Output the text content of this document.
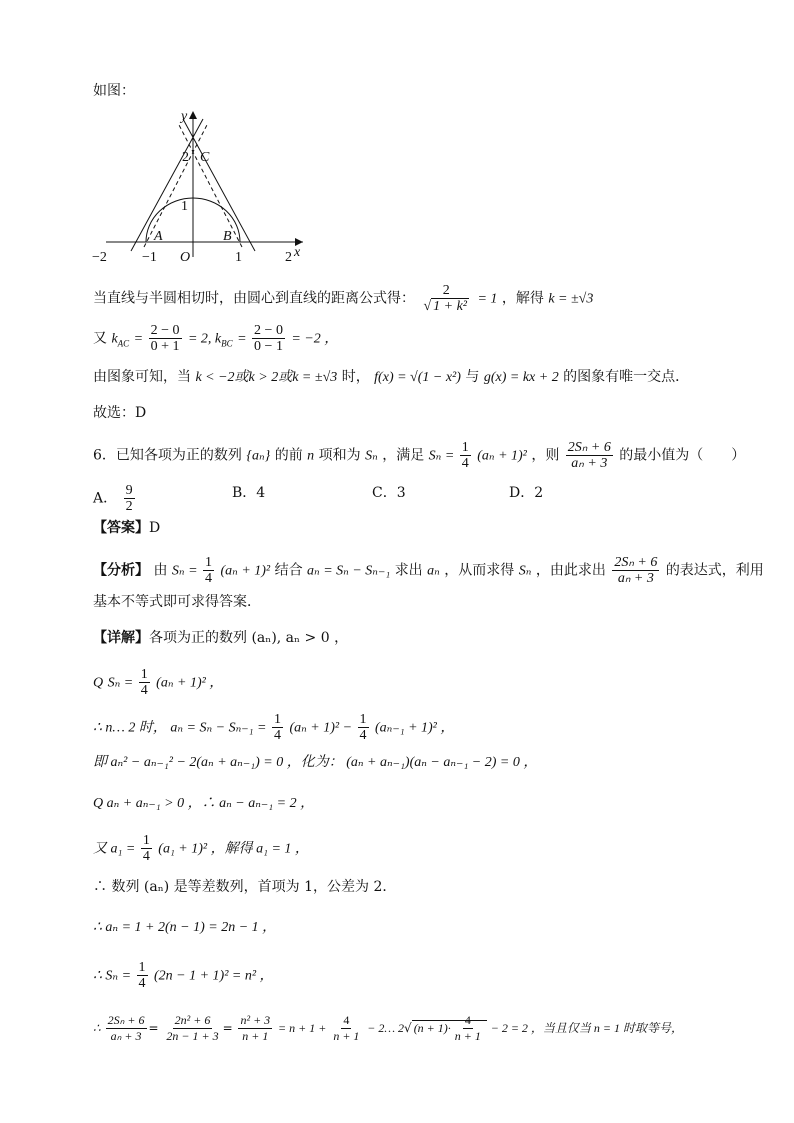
如图：
y
x
2 C
1
A	B
−2	−1 O	1	2
当直线与半圆相切时，由圆心到直线的距离公式得： $\frac{2}{\text{√ 1 + k²}} = 1$ ，解得 k = ±√3
又 $k_{AC} = \frac{2 - 0}{0 + 1} = 2$, $k_{BC} = \frac{2 - 0}{0 - 1} = -2$ ，
由图象可知，当 k < −2或k > 2或k = ±√3 时， f(x) = √(1 − x²) 与 g(x) = kx + 2 的图象有唯一交点．
故选：D
6．已知各项为正的数列 {aₙ} 的前 n 项和为 Sₙ ，满足 $S_n = \frac{1}{4} (a_n + 1)^2$ ，则 $\frac{\text{2Sₙ + 6}}{\text{aₙ + 3}}$ 的最小值为（　　）
A． $\frac{9}{2}$	B．4	C．3	D．2
【答案】D
【分析】 由 $S_n = \frac{1}{4} (a_n + 1)^2$ 结合 aₙ = Sₙ − Sₙ₋₁ 求出 aₙ ，从而求得 Sₙ ，由此求出 $\frac{\text{2Sₙ + 6}}{\text{aₙ + 3}}$ 的表达式，利用
基本不等式即可求得答案．
【详解】各项为正的数列 (aₙ), aₙ > 0 ，
Q $S_n = \frac{1}{4} (a_n + 1)^2$ ，
∴ n… 2 时， $a_n = S_n - S_{n-1} = \frac{1}{4} (a_n + 1)^2 - \frac{1}{4} (a_{n-1} + 1)^2$ ，
即 aₙ² − aₙ₋₁² − 2(aₙ + aₙ₋₁) = 0 ，化为： (aₙ + aₙ₋₁)(aₙ − aₙ₋₁ − 2) = 0 ，
Q aₙ + aₙ₋₁ > 0 ，∴ aₙ − aₙ₋₁ = 2 ，
又 $a_1 = \frac{1}{4} (a_1 + 1)^2$ ，解得 a₁ = 1 ，
∴ 数列 (aₙ) 是等差数列，首项为 1，公差为 2．
∴ aₙ = 1 + 2(n − 1) = 2n − 1 ，
∴ $S_n = \frac{1}{4} (2n - 1 + 1)^2 = n^2$ ，
∴ $\frac{\text{2Sₙ + 6}}{\text{aₙ + 3}} = \frac{\text{2n² + 6}}{2n - 1 + 3} = \frac{\text{n² + 3}}{n + 1} = n + 1 + \frac{4}{n + 1}$ − 2… 2√ $(n + 1)\cdot \frac{4}{n + 1} - 2 = 2$ ，当且仅当 n = 1 时取等号，
